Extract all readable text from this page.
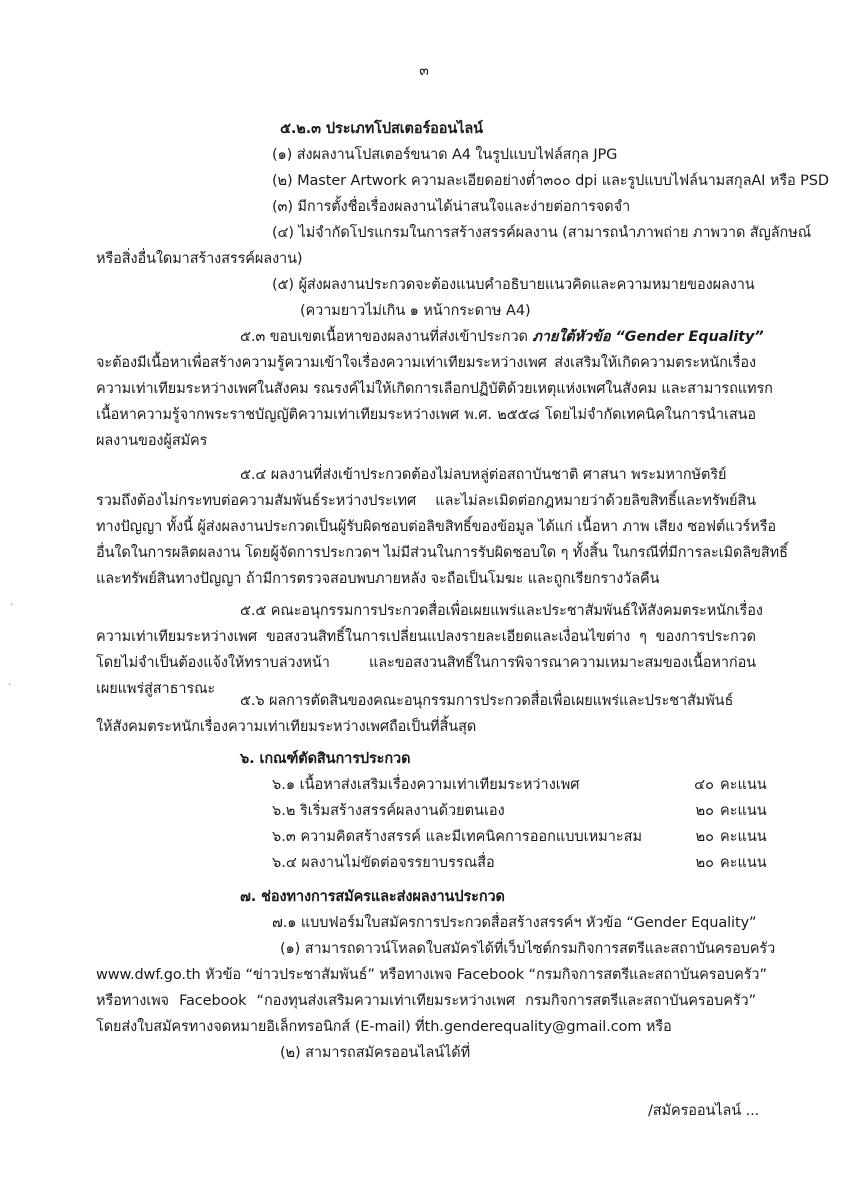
๓
๕.๒.๓ ประเภทโปสเตอร์ออนไลน์
(๑) ส่งผลงานโปสเตอร์ขนาด A4 ในรูปแบบไฟล์สกุล JPG
(๒) Master Artwork ความละเอียดอย่างต่ำ๓๐๐ dpi และรูปแบบไฟล์นามสกุลAI หรือ PSD
(๓) มีการตั้งชื่อเรื่องผลงานได้น่าสนใจและง่ายต่อการจดจำ
(๔) ไม่จำกัดโปรแกรมในการสร้างสรรค์ผลงาน (สามารถนำภาพถ่าย ภาพวาด สัญลักษณ์
หรือสิ่งอื่นใดมาสร้างสรรค์ผลงาน)
(๕) ผู้ส่งผลงานประกวดจะต้องแนบคำอธิบายแนวคิดและความหมายของผลงาน
(ความยาวไม่เกิน ๑ หน้ากระดาษ A4)
๕.๓ ขอบเขตเนื้อหาของผลงานที่ส่งเข้าประกวด ภายใต้หัวข้อ “Gender Equality”
จะต้องมีเนื้อหาเพื่อสร้างความรู้ความเข้าใจเรื่องความเท่าเทียมระหว่างเพศ ส่งเสริมให้เกิดความตระหนักเรื่อง
ความเท่าเทียมระหว่างเพศในสังคม รณรงค์ไม่ให้เกิดการเลือกปฏิบัติด้วยเหตุแห่งเพศในสังคม และสามารถแทรก
เนื้อหาความรู้จากพระราชบัญญัติความเท่าเทียมระหว่างเพศ พ.ศ. ๒๕๕๘ โดยไม่จำกัดเทคนิคในการนำเสนอ
ผลงานของผู้สมัคร
๕.๔ ผลงานที่ส่งเข้าประกวดต้องไม่ลบหลู่ต่อสถาบันชาติ ศาสนา พระมหากษัตริย์
รวมถึงต้องไม่กระทบต่อความสัมพันธ์ระหว่างประเทศ และไม่ละเมิดต่อกฎหมายว่าด้วยลิขสิทธิ์และทรัพย์สิน
ทางปัญญา ทั้งนี้ ผู้ส่งผลงานประกวดเป็นผู้รับผิดชอบต่อลิขสิทธิ์ของข้อมูล ได้แก่ เนื้อหา ภาพ เสียง ซอฟต์แวร์หรือ
อื่นใดในการผลิตผลงาน โดยผู้จัดการประกวดฯ ไม่มีส่วนในการรับผิดชอบใด ๆ ทั้งสิ้น ในกรณีที่มีการละเมิดลิขสิทธิ์
และทรัพย์สินทางปัญญา ถ้ามีการตรวจสอบพบภายหลัง จะถือเป็นโมฆะ และถูกเรียกรางวัลคืน
๕.๕ คณะอนุกรรมการประกวดสื่อเพื่อเผยแพร่และประชาสัมพันธ์ให้สังคมตระหนักเรื่อง
ความเท่าเทียมระหว่างเพศ ขอสงวนสิทธิ์ในการเปลี่ยนแปลงรายละเอียดและเงื่อนไขต่าง ๆ ของการประกวด
โดยไม่จำเป็นต้องแจ้งให้ทราบล่วงหน้า และขอสงวนสิทธิ์ในการพิจารณาความเหมาะสมของเนื้อหาก่อน
เผยแพร่สู่สาธารณะ
๕.๖ ผลการตัดสินของคณะอนุกรรมการประกวดสื่อเพื่อเผยแพร่และประชาสัมพันธ์
ให้สังคมตระหนักเรื่องความเท่าเทียมระหว่างเพศถือเป็นที่สิ้นสุด
๖. เกณฑ์ตัดสินการประกวด
๖.๑ เนื้อหาส่งเสริมเรื่องความเท่าเทียมระหว่างเพศ	๔๐ คะแนน
๖.๒ ริเริ่มสร้างสรรค์ผลงานด้วยตนเอง	๒๐ คะแนน
๖.๓ ความคิดสร้างสรรค์ และมีเทคนิคการออกแบบเหมาะสม	๒๐ คะแนน
๖.๔ ผลงานไม่ขัดต่อจรรยาบรรณสื่อ	๒๐ คะแนน
๗. ช่องทางการสมัครและส่งผลงานประกวด
๗.๑ แบบฟอร์มใบสมัครการประกวดสื่อสร้างสรรค์ฯ หัวข้อ “Gender Equality”
(๑) สามารถดาวน์โหลดใบสมัครได้ที่เว็บไซต์กรมกิจการสตรีและสถาบันครอบครัว
www.dwf.go.th หัวข้อ “ข่าวประชาสัมพันธ์” หรือทางเพจ Facebook “กรมกิจการสตรีและสถาบันครอบครัว”
หรือทางเพจ Facebook “กองทุนส่งเสริมความเท่าเทียมระหว่างเพศ กรมกิจการสตรีและสถาบันครอบครัว”
โดยส่งใบสมัครทางจดหมายอิเล็กทรอนิกส์ (E-mail) ที่th.genderequality@gmail.com หรือ
(๒) สามารถสมัครออนไลน์ได้ที่
/สมัครออนไลน์ ...
·
·
